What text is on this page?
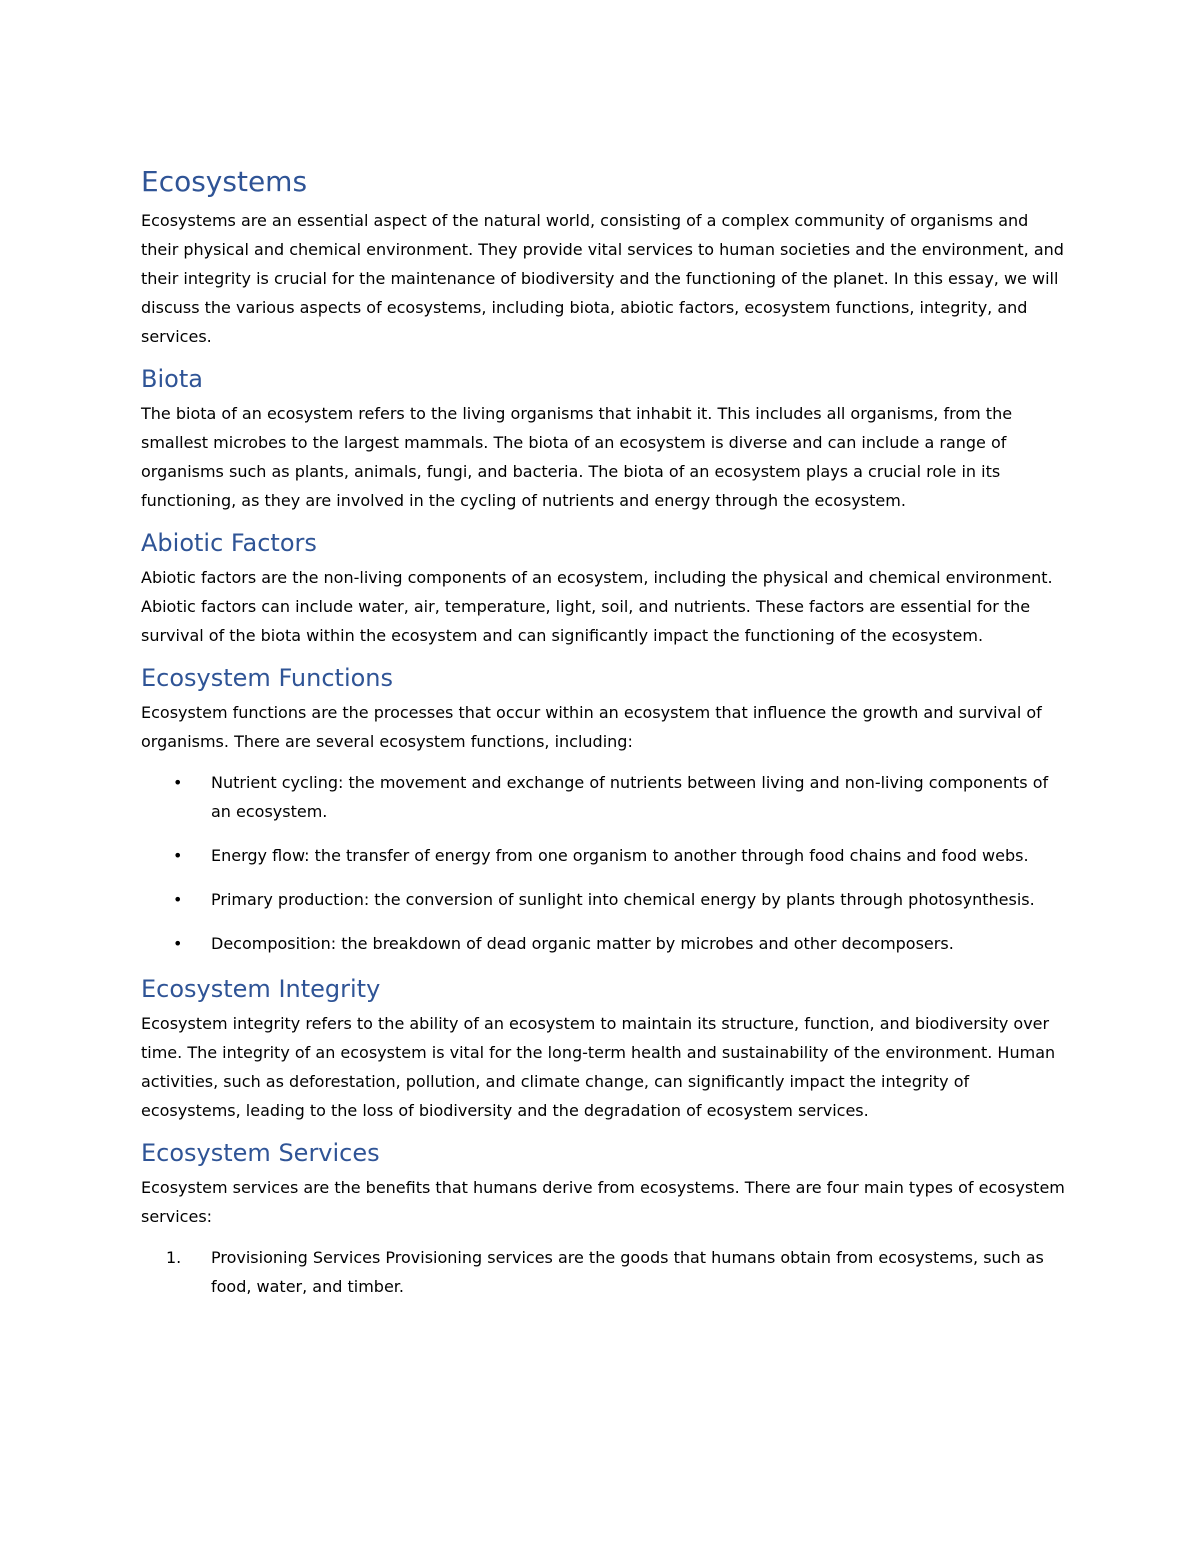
Ecosystems

Ecosystems are an essential aspect of the natural world, consisting of a complex community of organisms and their physical and chemical environment. They provide vital services to human societies and the environment, and their integrity is crucial for the maintenance of biodiversity and the functioning of the planet. In this essay, we will discuss the various aspects of ecosystems, including biota, abiotic factors, ecosystem functions, integrity, and services.

Biota

The biota of an ecosystem refers to the living organisms that inhabit it. This includes all organisms, from the smallest microbes to the largest mammals. The biota of an ecosystem is diverse and can include a range of organisms such as plants, animals, fungi, and bacteria. The biota of an ecosystem plays a crucial role in its functioning, as they are involved in the cycling of nutrients and energy through the ecosystem.

Abiotic Factors

Abiotic factors are the non-living components of an ecosystem, including the physical and chemical environment. Abiotic factors can include water, air, temperature, light, soil, and nutrients. These factors are essential for the survival of the biota within the ecosystem and can significantly impact the functioning of the ecosystem.

Ecosystem Functions

Ecosystem functions are the processes that occur within an ecosystem that influence the growth and survival of organisms. There are several ecosystem functions, including:

• Nutrient cycling: the movement and exchange of nutrients between living and non-living components of an ecosystem.
• Energy flow: the transfer of energy from one organism to another through food chains and food webs.
• Primary production: the conversion of sunlight into chemical energy by plants through photosynthesis.
• Decomposition: the breakdown of dead organic matter by microbes and other decomposers.
Ecosystem Integrity

Ecosystem integrity refers to the ability of an ecosystem to maintain its structure, function, and biodiversity over time. The integrity of an ecosystem is vital for the long-term health and sustainability of the environment. Human activities, such as deforestation, pollution, and climate change, can significantly impact the integrity of ecosystems, leading to the loss of biodiversity and the degradation of ecosystem services.

Ecosystem Services

Ecosystem services are the benefits that humans derive from ecosystems. There are four main types of ecosystem services:

1. Provisioning Services Provisioning services are the goods that humans obtain from ecosystems, such as food, water, and timber.
